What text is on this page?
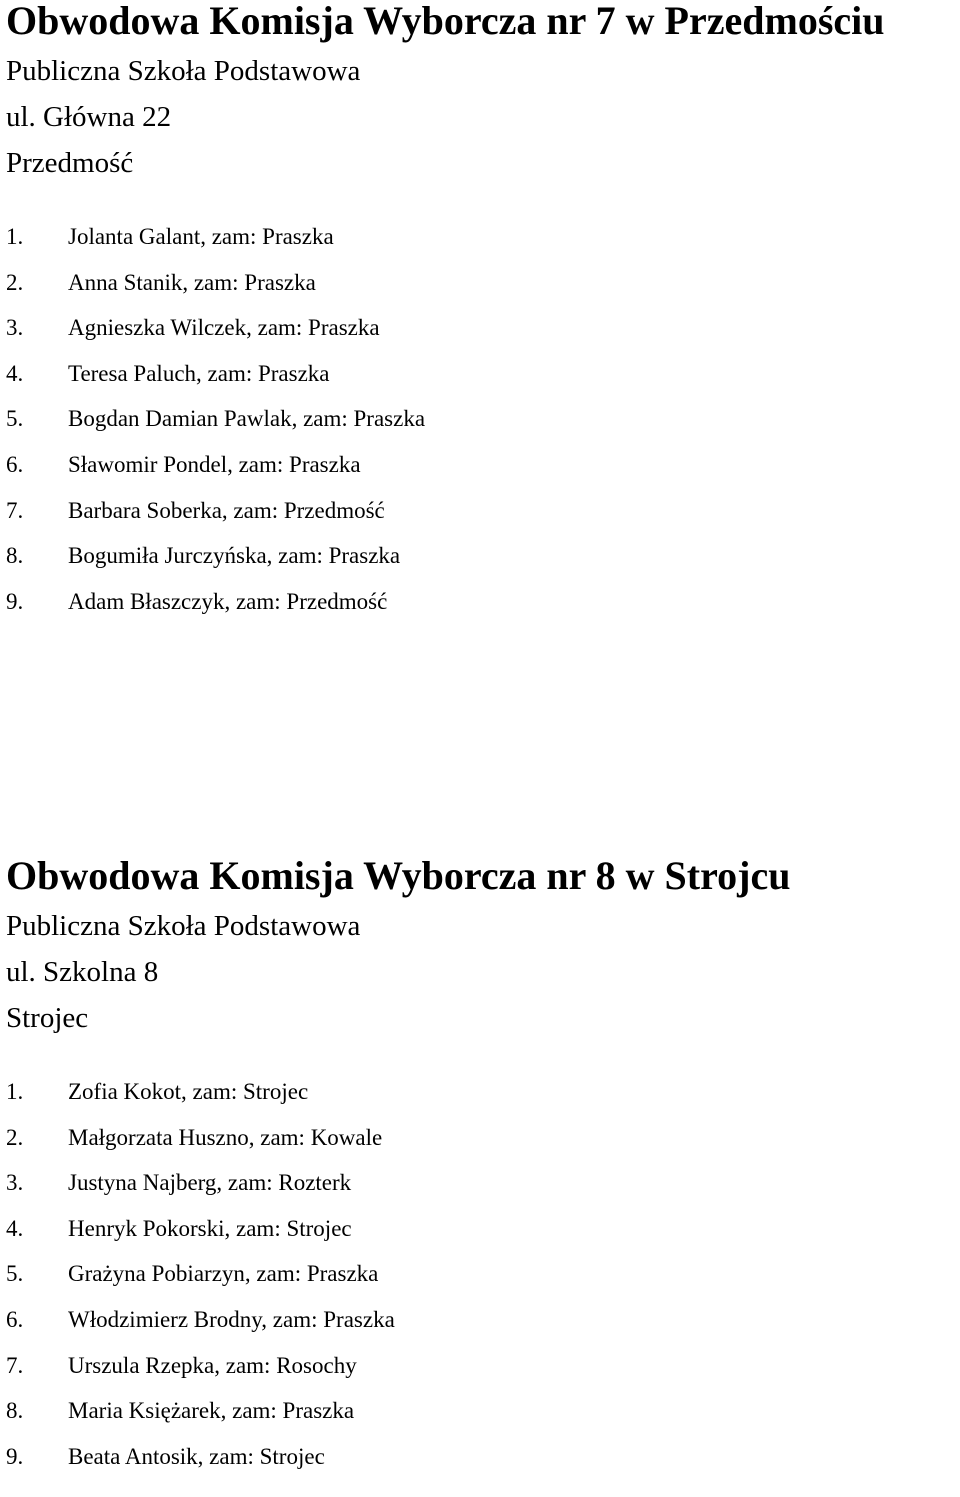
Obwodowa Komisja Wyborcza nr 7 w Przedmościu
Publiczna Szkoła Podstawowa
ul. Główna 22
Przedmość
1. Jolanta Galant, zam: Praszka
2. Anna Stanik, zam: Praszka
3. Agnieszka Wilczek, zam: Praszka
4. Teresa Paluch, zam: Praszka
5. Bogdan Damian Pawlak, zam: Praszka
6. Sławomir Pondel, zam: Praszka
7. Barbara Soberka, zam: Przedmość
8. Bogumiła Jurczyńska, zam: Praszka
9. Adam Błaszczyk, zam: Przedmość
Obwodowa Komisja Wyborcza nr 8 w Strojcu
Publiczna Szkoła Podstawowa
ul. Szkolna 8
Strojec
1. Zofia Kokot, zam: Strojec
2. Małgorzata Huszno, zam: Kowale
3. Justyna Najberg, zam: Rozterk
4. Henryk Pokorski, zam: Strojec
5. Grażyna Pobiarzyn, zam: Praszka
6. Włodzimierz Brodny, zam: Praszka
7. Urszula Rzepka, zam: Rosochy
8. Maria Księżarek, zam: Praszka
9. Beata Antosik, zam: Strojec
